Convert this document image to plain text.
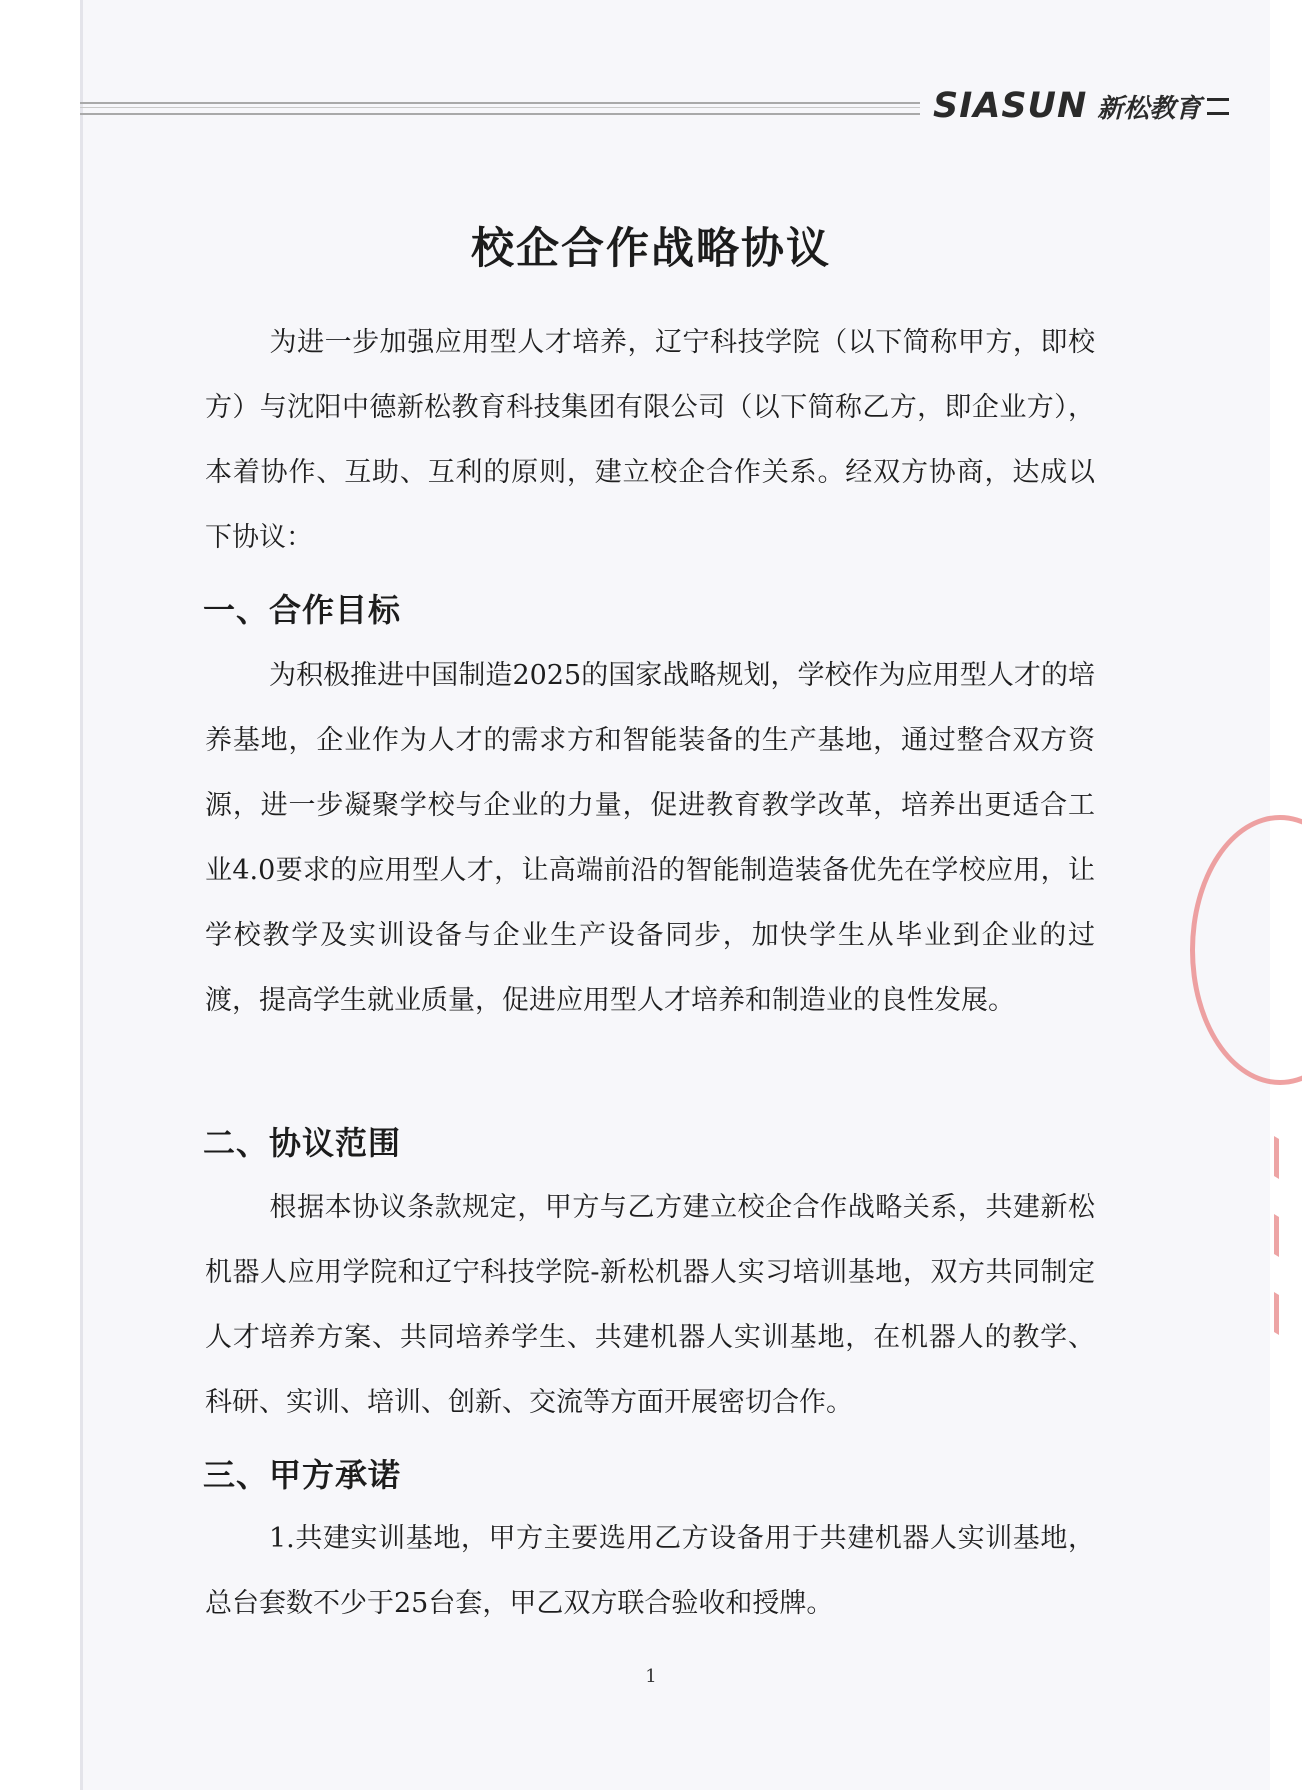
SIASUN 新松教育
校企合作战略协议

为进一步加强应用型人才培养，辽宁科技学院（以下简称甲方，即校方）与沈阳中德新松教育科技集团有限公司（以下简称乙方，即企业方），本着协作、互助、互利的原则，建立校企合作关系。经双方协商，达成以下协议：

一、合作目标

为积极推进中国制造2025的国家战略规划，学校作为应用型人才的培养基地，企业作为人才的需求方和智能装备的生产基地，通过整合双方资源，进一步凝聚学校与企业的力量，促进教育教学改革，培养出更适合工业4.0要求的应用型人才，让高端前沿的智能制造装备优先在学校应用，让学校教学及实训设备与企业生产设备同步，加快学生从毕业到企业的过渡，提高学生就业质量，促进应用型人才培养和制造业的良性发展。

二、协议范围

根据本协议条款规定，甲方与乙方建立校企合作战略关系，共建新松机器人应用学院和辽宁科技学院-新松机器人实习培训基地，双方共同制定人才培养方案、共同培养学生、共建机器人实训基地，在机器人的教学、科研、实训、培训、创新、交流等方面开展密切合作。

三、甲方承诺

1.共建实训基地，甲方主要选用乙方设备用于共建机器人实训基地，总台套数不少于25台套，甲乙双方联合验收和授牌。

1
